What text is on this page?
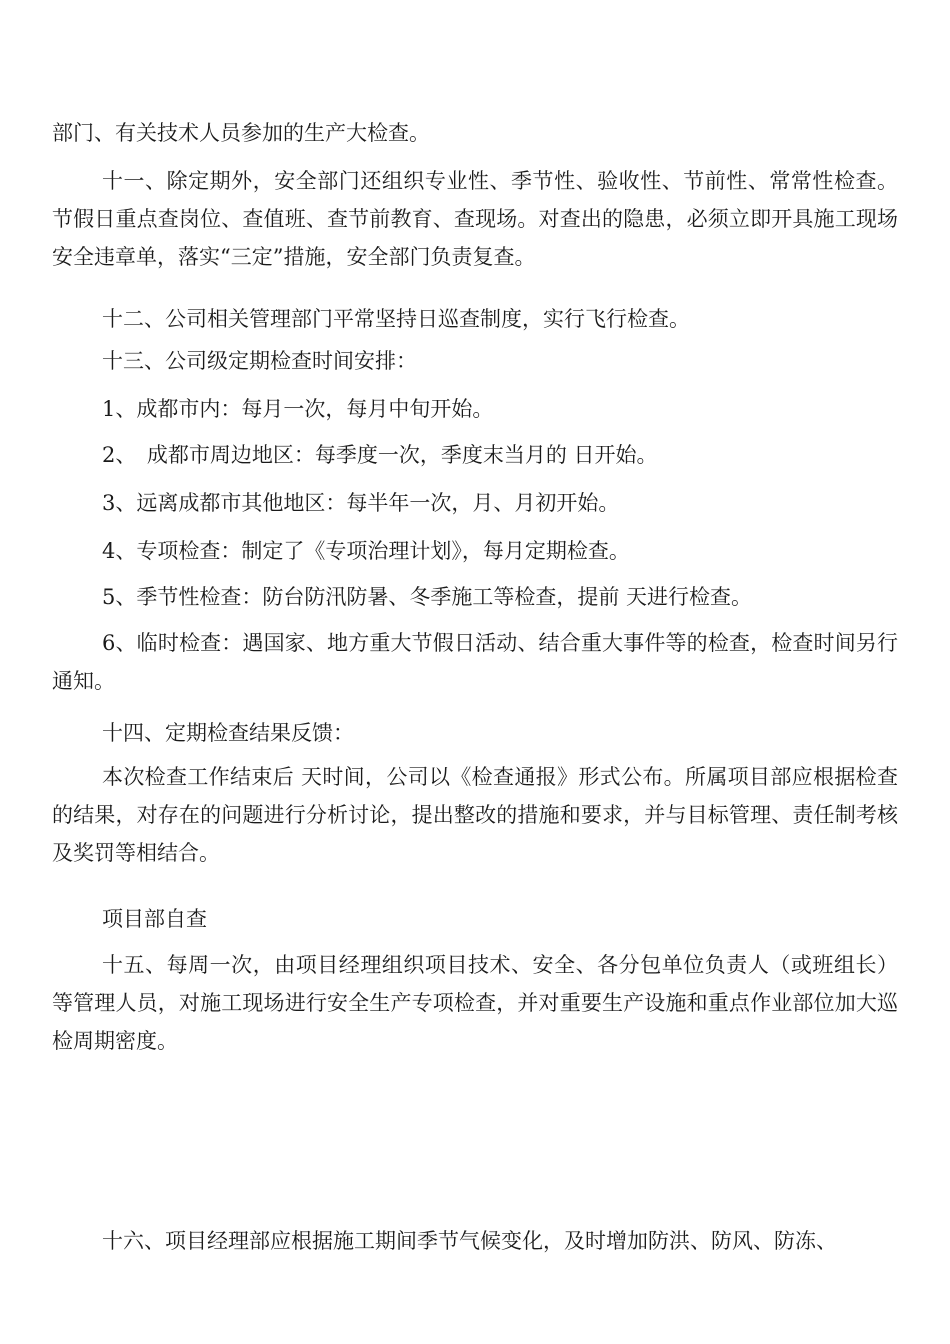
部门、有关技术人员参加的生产大检查。

十一、除定期外，安全部门还组织专业性、季节性、验收性、节前性、常常性检查。节假日重点查岗位、查值班、查节前教育、查现场。对查出的隐患，必须立即开具施工现场安全违章单，落实“三定”措施，安全部门负责复查。

十二、公司相关管理部门平常坚持日巡查制度，实行飞行检查。

十三、公司级定期检查时间安排：

1、成都市内：每月一次，每月中旬开始。

2、　成都市周边地区：每季度一次，季度末当月的 日开始。

3、远离成都市其他地区：每半年一次，月、月初开始。

4、专项检查：制定了《专项治理计划》，每月定期检查。

5、季节性检查：防台防汛防暑、冬季施工等检查，提前 天进行检查。

6、临时检查：遇国家、地方重大节假日活动、结合重大事件等的检查，检查时间另行通知。

十四、定期检查结果反馈：

本次检查工作结束后 天时间，公司以《检查通报》形式公布。所属项目部应根据检查的结果，对存在的问题进行分析讨论，提出整改的措施和要求，并与目标管理、责任制考核及奖罚等相结合。

项目部自查

十五、每周一次，由项目经理组织项目技术、安全、各分包单位负责人（或班组长）等管理人员，对施工现场进行安全生产专项检查，并对重要生产设施和重点作业部位加大巡检周期密度。

十六、项目经理部应根据施工期间季节气候变化，及时增加防洪、防风、防冻、
